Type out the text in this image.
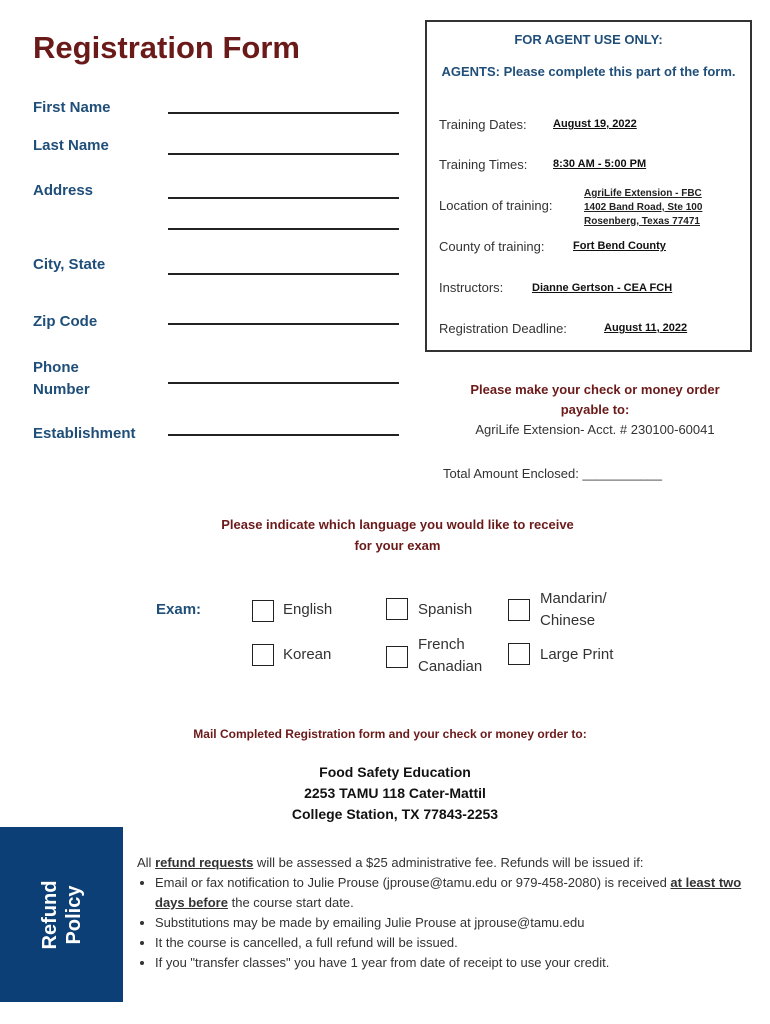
Registration Form
First Name
Last Name
Address
City, State
Zip Code
Phone
Number
Establishment
FOR AGENT USE ONLY:
AGENTS: Please complete this part of the form.
Training Dates: August 19, 2022
Training Times: 8:30 AM - 5:00 PM
Location of training:
AgriLife Extension - FBC
1402 Band Road, Ste 100
Rosenberg, Texas 77471
County of training:	Fort Bend County
Instructors:	Dianne Gertson - CEA FCH
Registration Deadline:	August 11, 2022
Please make your check or money order
payable to:
AgriLife Extension- Acct. # 230100-60041
Total Amount Enclosed: ___________
Please indicate which language you would like to receive
for your exam
Exam:	English	Spanish
Mandarin/
Chinese
Korean
French
Canadian
Large Print
Mail Completed Registration form and your check or money order to:
Food Safety Education
2253 TAMU 118 Cater-Mattil
College Station, TX 77843-2253
Refund Policy
All refund requests will be assessed a $25 administrative fee. Refunds will be issued if:
• Email or fax notification to Julie Prouse (jprouse@tamu.edu or 979-458-2080) is received at least two days before the course start date.
• Substitutions may be made by emailing Julie Prouse at jprouse@tamu.edu
• It the course is cancelled, a full refund will be issued.
• If you "transfer classes" you have 1 year from date of receipt to use your credit.
